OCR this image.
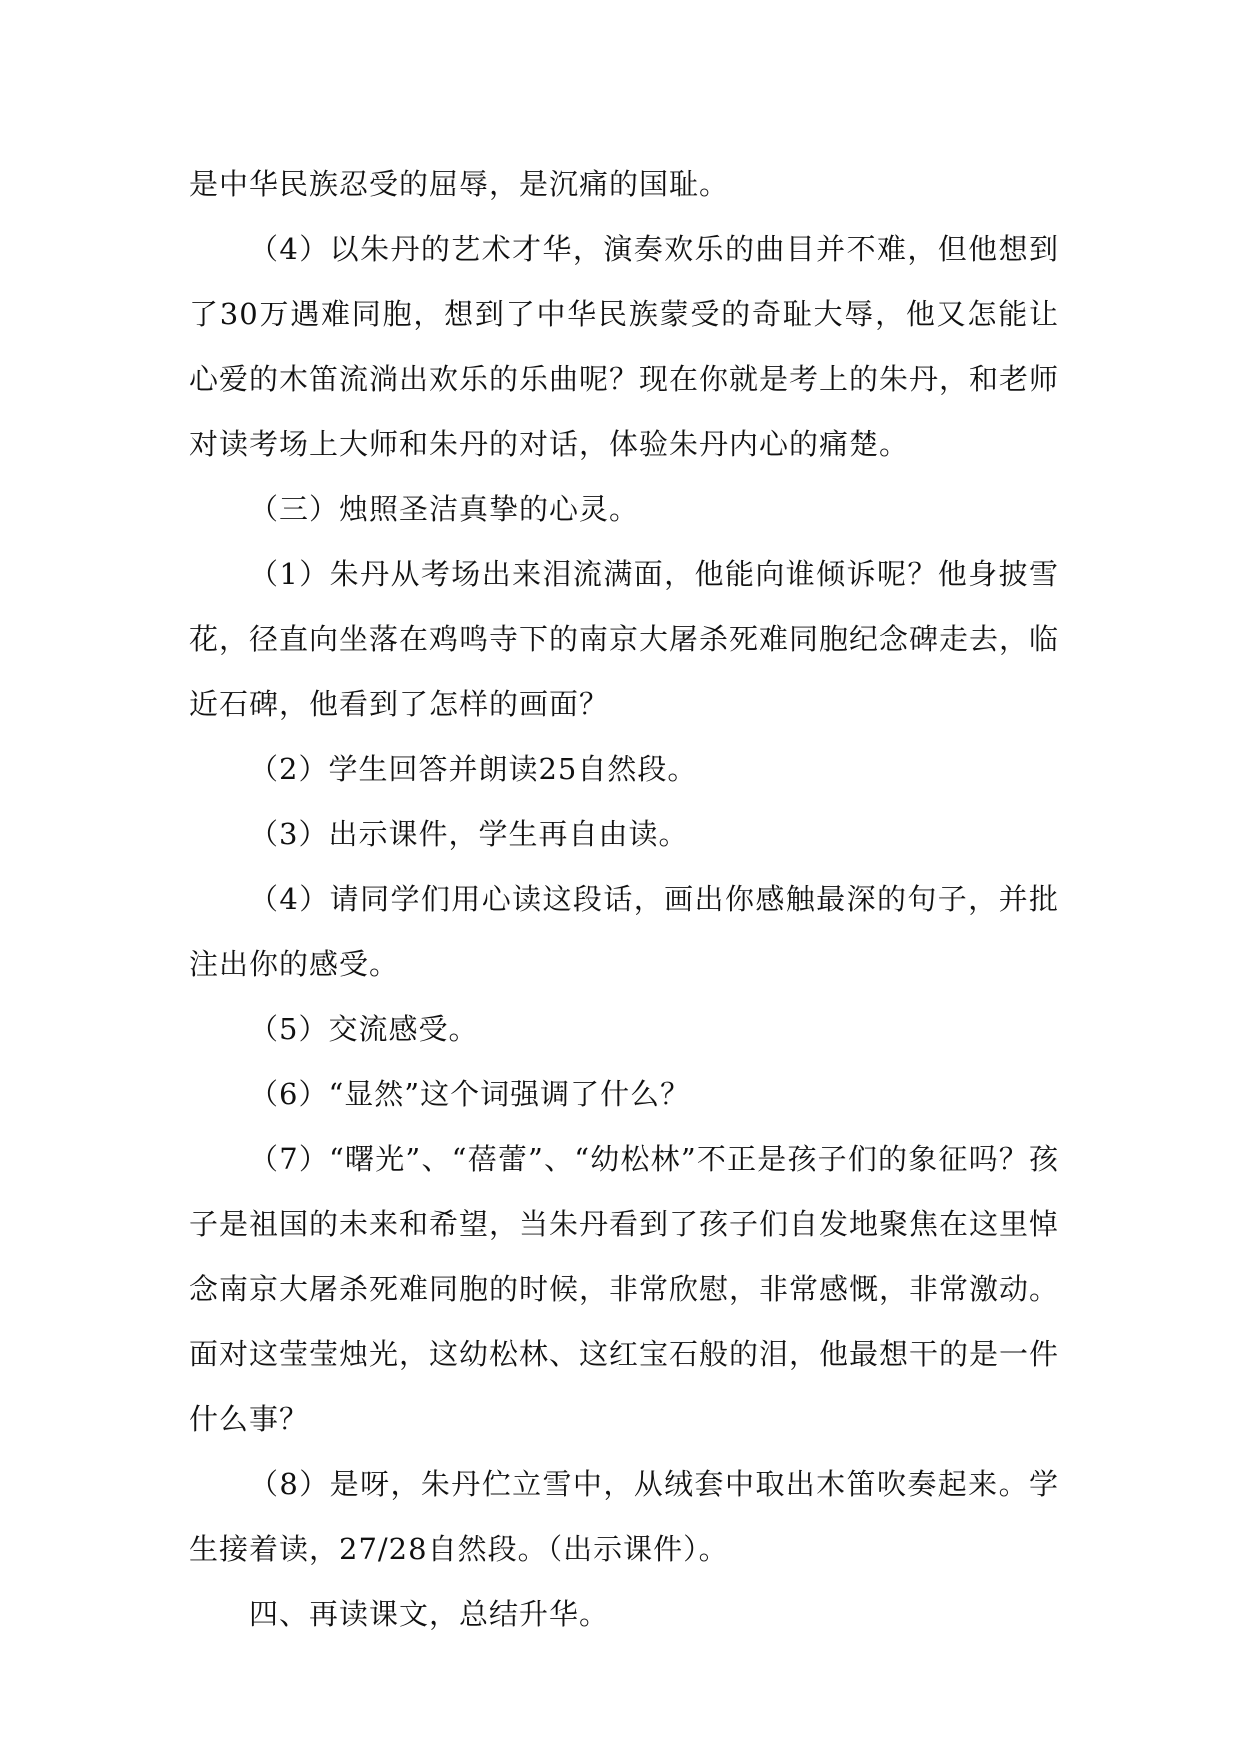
是中华民族忍受的屈辱，是沉痛的国耻。

（4）以朱丹的艺术才华，演奏欢乐的曲目并不难，但他想到了30万遇难同胞，想到了中华民族蒙受的奇耻大辱，他又怎能让心爱的木笛流淌出欢乐的乐曲呢？现在你就是考上的朱丹，和老师对读考场上大师和朱丹的对话，体验朱丹内心的痛楚。

（三）烛照圣洁真挚的心灵。

（1）朱丹从考场出来泪流满面，他能向谁倾诉呢？他身披雪花，径直向坐落在鸡鸣寺下的南京大屠杀死难同胞纪念碑走去，临近石碑，他看到了怎样的画面？

（2）学生回答并朗读25自然段。

（3）出示课件，学生再自由读。

（4）请同学们用心读这段话，画出你感触最深的句子，并批注出你的感受。

（5）交流感受。

（6）“显然”这个词强调了什么？

（7）“曙光”、“蓓蕾”、“幼松林”不正是孩子们的象征吗？孩子是祖国的未来和希望，当朱丹看到了孩子们自发地聚焦在这里悼念南京大屠杀死难同胞的时候，非常欣慰，非常感慨，非常激动。面对这莹莹烛光，这幼松林、这红宝石般的泪，他最想干的是一件什么事？

（8）是呀，朱丹伫立雪中，从绒套中取出木笛吹奏起来。学生接着读，27/28自然段。（出示课件）。

四、再读课文，总结升华。
